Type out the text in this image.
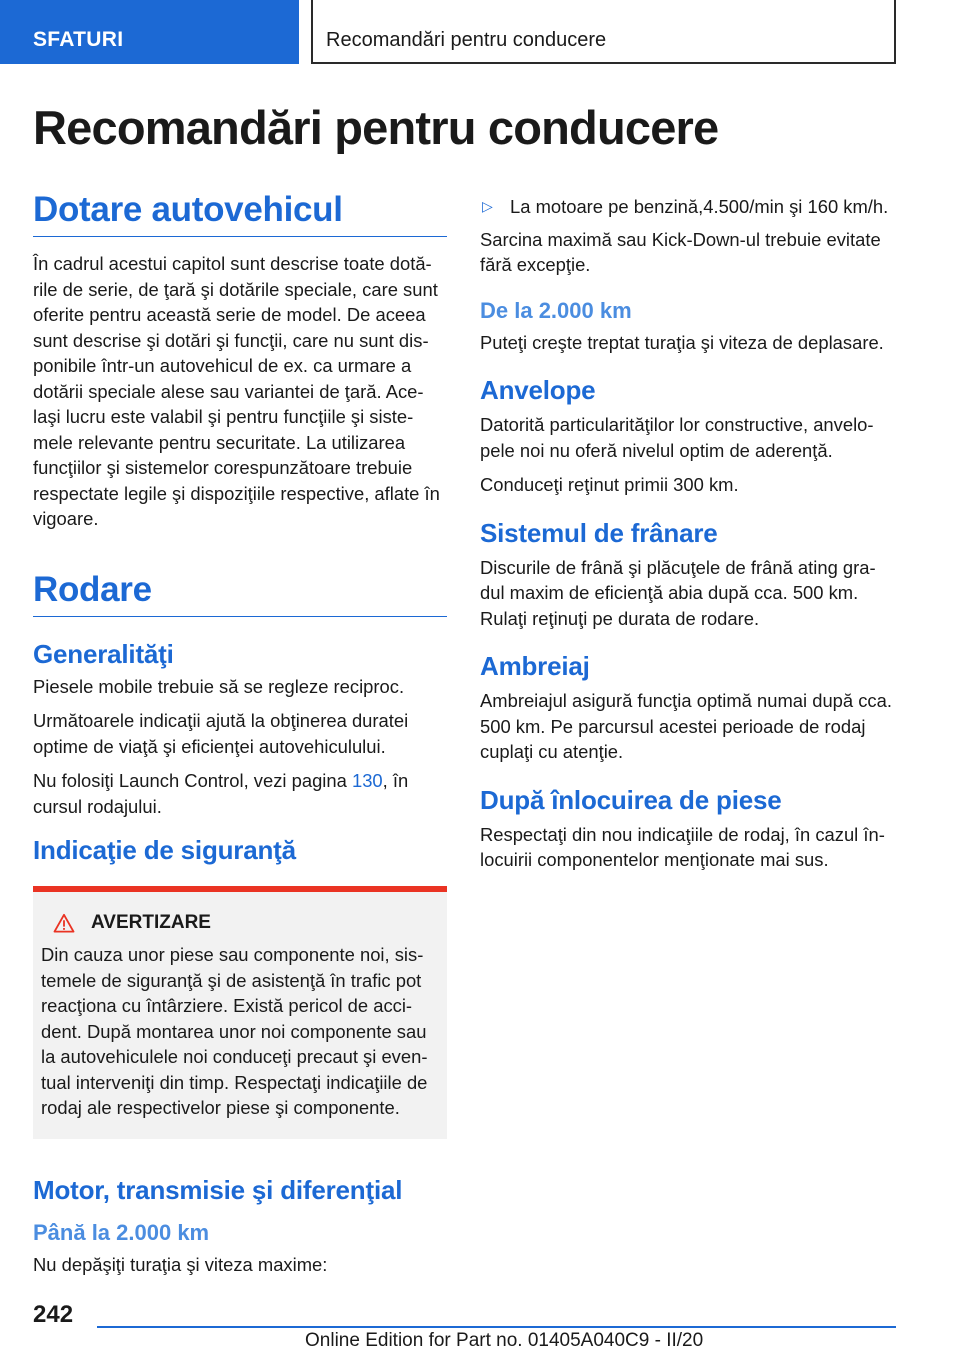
SFATURI	Recomandări pentru conducere
Recomandări pentru conducere
Dotare autovehicul

În cadrul acestui capitol sunt descrise toate dotă‐ rile de serie, de ţară şi dotările speciale, care sunt oferite pentru această serie de model. De aceea sunt descrise şi dotări şi funcţii, care nu sunt dis‐ ponibile într-un autovehicul de ex. ca urmare a dotării speciale alese sau variantei de ţară. Ace‐ laşi lucru este valabil şi pentru funcţiile şi siste‐ mele relevante pentru securitate. La utilizarea funcţiilor şi sistemelor corespunzătoare trebuie respectate legile şi dispoziţiile respective, aflate în vigoare.

Rodare
Generalităţi

Piesele mobile trebuie să se regleze reciproc.

Următoarele indicaţii ajută la obţinerea duratei optime de viaţă şi eficienţei autovehiculului.

Nu folosiţi Launch Control, vezi pagina 130, în cursul rodajului.

Indicaţie de siguranţă
AVERTIZARE

Din cauza unor piese sau componente noi, sis‐ temele de siguranţă şi de asistenţă în trafic pot reacţiona cu întârziere. Există pericol de acci‐ dent. După montarea unor noi componente sau la autovehiculele noi conduceţi precaut şi even‐ tual interveniţi din timp. Respectaţi indicaţiile de rodaj ale respectivelor piese şi componente.

Motor, transmisie şi diferenţial
Până la 2.000 km

Nu depăşiţi turaţia şi viteza maxime:

▷ La motoare pe benzină,4.500/min şi 160 km/h.

Sarcina maximă sau Kick-Down-ul trebuie evitate fără excepţie.

De la 2.000 km

Puteţi creşte treptat turaţia şi viteza de deplasare.

Anvelope

Datorită particularităţilor lor constructive, anvelo‐ pele noi nu oferă nivelul optim de aderenţă.

Conduceţi reţinut primii 300 km.

Sistemul de frânare

Discurile de frână şi plăcuţele de frână ating gra‐ dul maxim de eficienţă abia după cca. 500 km. Rulaţi reţinuţi pe durata de rodare.

Ambreiaj

Ambreiajul asigură funcţia optimă numai după cca. 500 km. Pe parcursul acestei perioade de rodaj cuplaţi cu atenţie.

După înlocuirea de piese

Respectaţi din nou indicaţiile de rodaj, în cazul în‐ locuirii componentelor menţionate mai sus.

242
Online Edition for Part no. 01405A040C9 - II/20
